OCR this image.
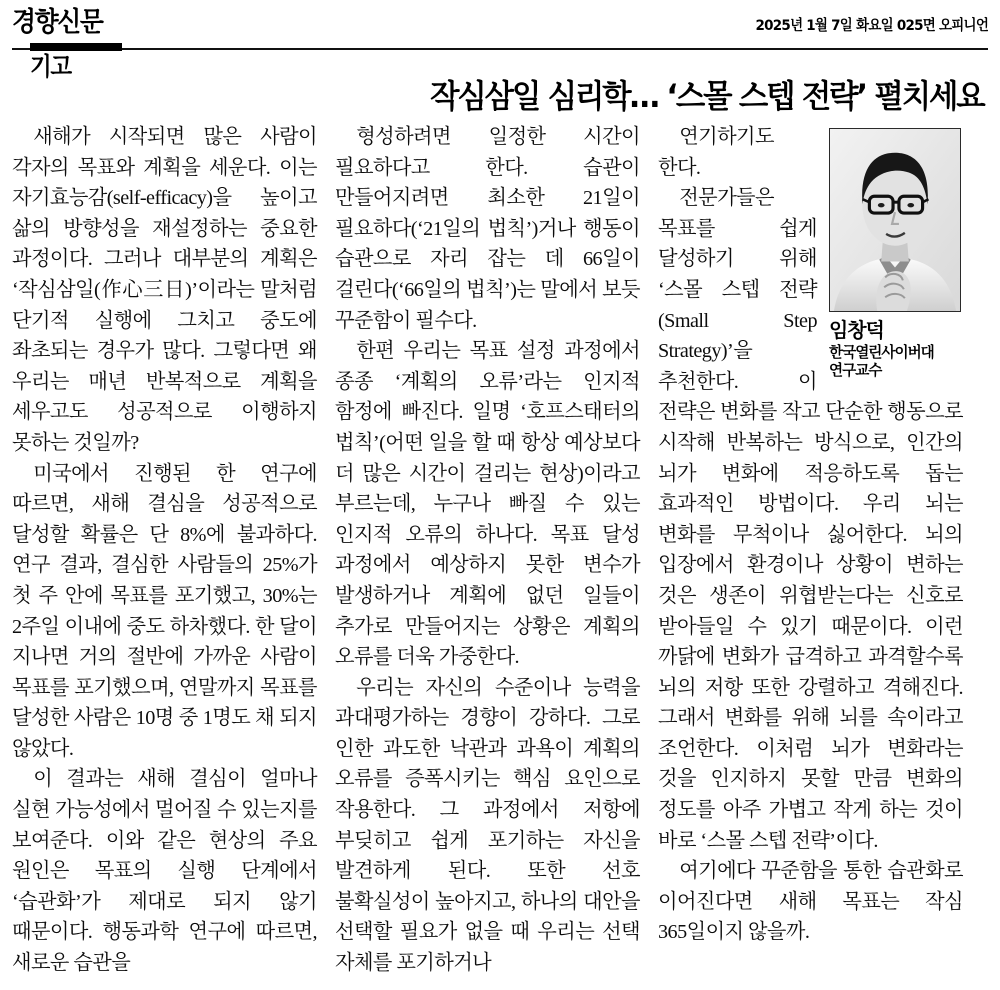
경향신문	2025년 1월 7일 화요일 025면 오피니언
기고
작심삼일 심리학… ‘스몰 스텝 전략’ 펼치세요

새해가 시작되면 많은 사람이 각자의 목표와 계획을 세운다. 이는 자기효능감(self-efficacy)을 높이고 삶의 방향성을 재설정하는 중요한 과정이다. 그러나 대부분의 계획은 ‘작심삼일(作心三日)’이라는 말처럼 단기적 실행에 그치고 중도에 좌초되는 경우가 많다. 그렇다면 왜 우리는 매년 반복적으로 계획을 세우고도 성공적으로 이행하지 못하는 것일까?

미국에서 진행된 한 연구에 따르면, 새해 결심을 성공적으로 달성할 확률은 단 8%에 불과하다. 연구 결과, 결심한 사람들의 25%가 첫 주 안에 목표를 포기했고, 30%는 2주일 이내에 중도 하차했다. 한 달이 지나면 거의 절반에 가까운 사람이 목표를 포기했으며, 연말까지 목표를 달성한 사람은 10명 중 1명도 채 되지 않았다.

이 결과는 새해 결심이 얼마나 실현 가능성에서 멀어질 수 있는지를 보여준다. 이와 같은 현상의 주요 원인은 목표의 실행 단계에서 ‘습관화’가 제대로 되지 않기 때문이다. 행동과학 연구에 따르면, 새로운 습관을

형성하려면 일정한 시간이 필요하다고 한다. 습관이 만들어지려면 최소한 21일이 필요하다(‘21일의 법칙’)거나 행동이 습관으로 자리 잡는 데 66일이 걸린다(‘66일의 법칙’)는 말에서 보듯 꾸준함이 필수다.

한편 우리는 목표 설정 과정에서 종종 ‘계획의 오류’라는 인지적 함정에 빠진다. 일명 ‘호프스태터의 법칙’(어떤 일을 할 때 항상 예상보다 더 많은 시간이 걸리는 현상)이라고 부르는데, 누구나 빠질 수 있는 인지적 오류의 하나다. 목표 달성 과정에서 예상하지 못한 변수가 발생하거나 계획에 없던 일들이 추가로 만들어지는 상황은 계획의 오류를 더욱 가중한다.

우리는 자신의 수준이나 능력을 과대평가하는 경향이 강하다. 그로 인한 과도한 낙관과 과욕이 계획의 오류를 증폭시키는 핵심 요인으로 작용한다. 그 과정에서 저항에 부딪히고 쉽게 포기하는 자신을 발견하게 된다. 또한 선호 불확실성이 높아지고, 하나의 대안을 선택할 필요가 없을 때 우리는 선택 자체를 포기하거나

임창덕
한국열린사이버대
연구교수

연기하기도 한다.

전문가들은 목표를 쉽게 달성하기 위해 ‘스몰 스텝 전략(Small Step Strategy)’을 추천한다. 이 전략은 변화를 작고 단순한 행동으로 시작해 반복하는 방식으로, 인간의 뇌가 변화에 적응하도록 돕는 효과적인 방법이다. 우리 뇌는 변화를 무척이나 싫어한다. 뇌의 입장에서 환경이나 상황이 변하는 것은 생존이 위협받는다는 신호로 받아들일 수 있기 때문이다. 이런 까닭에 변화가 급격하고 과격할수록 뇌의 저항 또한 강렬하고 격해진다. 그래서 변화를 위해 뇌를 속이라고 조언한다. 이처럼 뇌가 변화라는 것을 인지하지 못할 만큼 변화의 정도를 아주 가볍고 작게 하는 것이 바로 ‘스몰 스텝 전략’이다.

여기에다 꾸준함을 통한 습관화로 이어진다면 새해 목표는 작심 365일이지 않을까.
